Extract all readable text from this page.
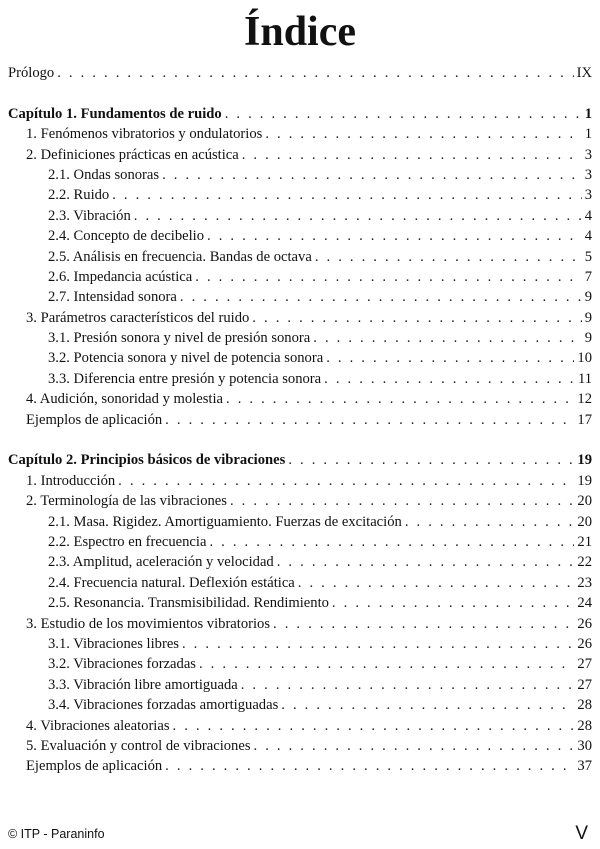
Índice
Prólogo . . .	IX
Capítulo 1. Fundamentos de ruido . . .	1
1. Fenómenos vibratorios y ondulatorios . . .	1
2. Definiciones prácticas en acústica . . .	3
2.1. Ondas sonoras . . .	3
2.2. Ruido . . .	3
2.3. Vibración . . .	4
2.4. Concepto de decibelio . . .	4
2.5. Análisis en frecuencia. Bandas de octava . . .	5
2.6. Impedancia acústica . . .	7
2.7. Intensidad sonora . . .	9
3. Parámetros característicos del ruido . . .	9
3.1. Presión sonora y nivel de presión sonora . . .	9
3.2. Potencia sonora y nivel de potencia sonora . . .	10
3.3. Diferencia entre presión y potencia sonora . . .	11
4. Audición, sonoridad y molestia . . .	12
Ejemplos de aplicación . . .	17
Capítulo 2. Principios básicos de vibraciones . . .	19
1. Introducción . . .	19
2. Terminología de las vibraciones . . .	20
2.1. Masa. Rigidez. Amortiguamiento. Fuerzas de excitación . . .	20
2.2. Espectro en frecuencia . . .	21
2.3. Amplitud, aceleración y velocidad . . .	22
2.4. Frecuencia natural. Deflexión estática . . .	23
2.5. Resonancia. Transmisibilidad. Rendimiento . . .	24
3. Estudio de los movimientos vibratorios . . .	26
3.1. Vibraciones libres . . .	26
3.2. Vibraciones forzadas . . .	27
3.3. Vibración libre amortiguada . . .	27
3.4. Vibraciones forzadas amortiguadas . . .	28
4. Vibraciones aleatorias . . .	28
5. Evaluación y control de vibraciones . . .	30
Ejemplos de aplicación . . .	37
© ITP - Paraninfo	V
